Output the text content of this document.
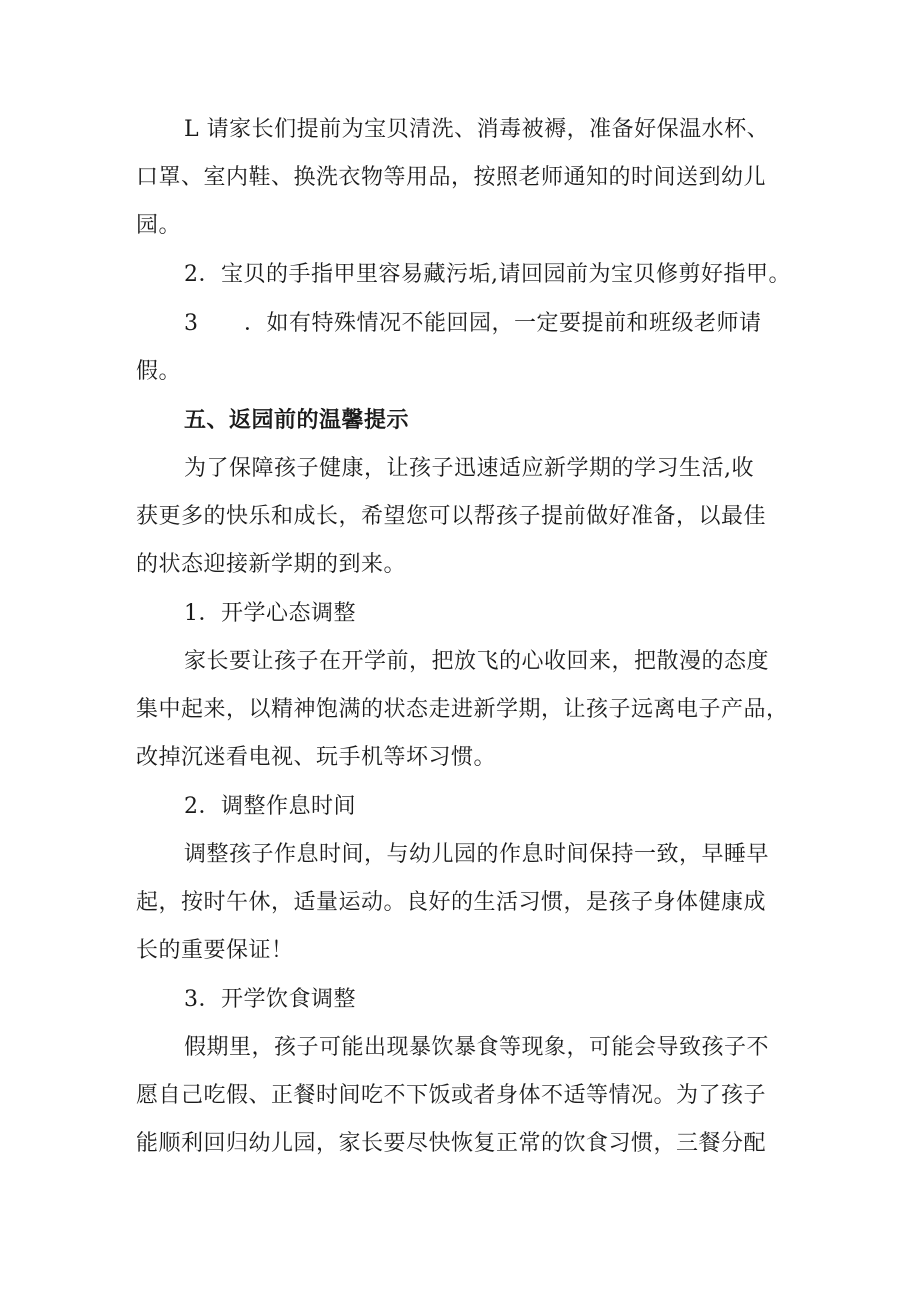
L 请家长们提前为宝贝清洗、消毒被褥，准备好保温水杯、
口罩、室内鞋、换洗衣物等用品，按照老师通知的时间送到幼儿
园。
2．宝贝的手指甲里容易藏污垢,请回园前为宝贝修剪好指甲。
3 ．如有特殊情况不能回园，一定要提前和班级老师请
假。
五、返园前的温馨提示
为了保障孩子健康，让孩子迅速适应新学期的学习生活,收
获更多的快乐和成长，希望您可以帮孩子提前做好准备，以最佳
的状态迎接新学期的到来。
1．开学心态调整
家长要让孩子在开学前，把放飞的心收回来，把散漫的态度
集中起来，以精神饱满的状态走进新学期，让孩子远离电子产品，
改掉沉迷看电视、玩手机等坏习惯。
2．调整作息时间
调整孩子作息时间，与幼儿园的作息时间保持一致，早睡早
起，按时午休，适量运动。良好的生活习惯，是孩子身体健康成
长的重要保证！
3．开学饮食调整
假期里，孩子可能出现暴饮暴食等现象，可能会导致孩子不
愿自己吃假、正餐时间吃不下饭或者身体不适等情况。为了孩子
能顺利回归幼儿园，家长要尽快恢复正常的饮食习惯，三餐分配
